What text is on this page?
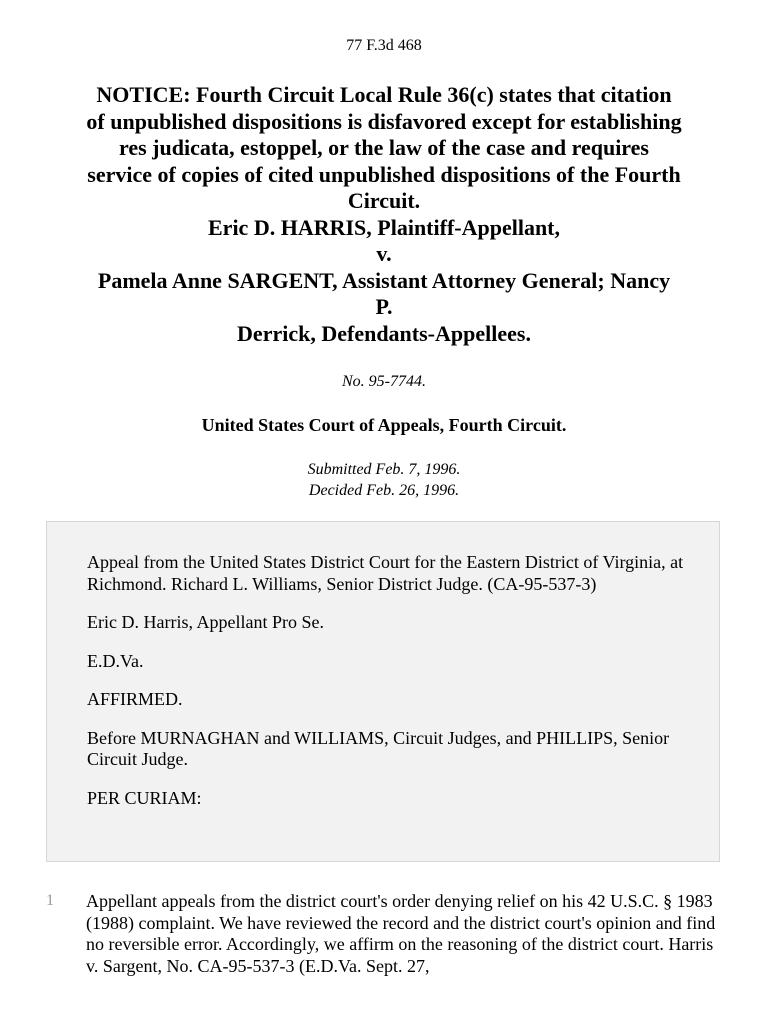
77 F.3d 468
NOTICE: Fourth Circuit Local Rule 36(c) states that citation
of unpublished dispositions is disfavored except for establishing
res judicata, estoppel, or the law of the case and requires
service of copies of cited unpublished dispositions of the Fourth
Circuit.
Eric D. HARRIS, Plaintiff-Appellant,
v.
Pamela Anne SARGENT, Assistant Attorney General; Nancy
P.
Derrick, Defendants-Appellees.
No. 95-7744.
United States Court of Appeals, Fourth Circuit.
Submitted Feb. 7, 1996.
Decided Feb. 26, 1996.

Appeal from the United States District Court for the Eastern District of Virginia, at Richmond. Richard L. Williams, Senior District Judge. (CA-95-537-3)

Eric D. Harris, Appellant Pro Se.

E.D.Va.

AFFIRMED.

Before MURNAGHAN and WILLIAMS, Circuit Judges, and PHILLIPS, Senior Circuit Judge.

PER CURIAM:

1 Appellant appeals from the district court's order denying relief on his 42 U.S.C. § 1983 (1988) complaint. We have reviewed the record and the district court's opinion and find no reversible error. Accordingly, we affirm on the reasoning of the district court. Harris v. Sargent, No. CA-95-537-3 (E.D.Va. Sept. 27,
